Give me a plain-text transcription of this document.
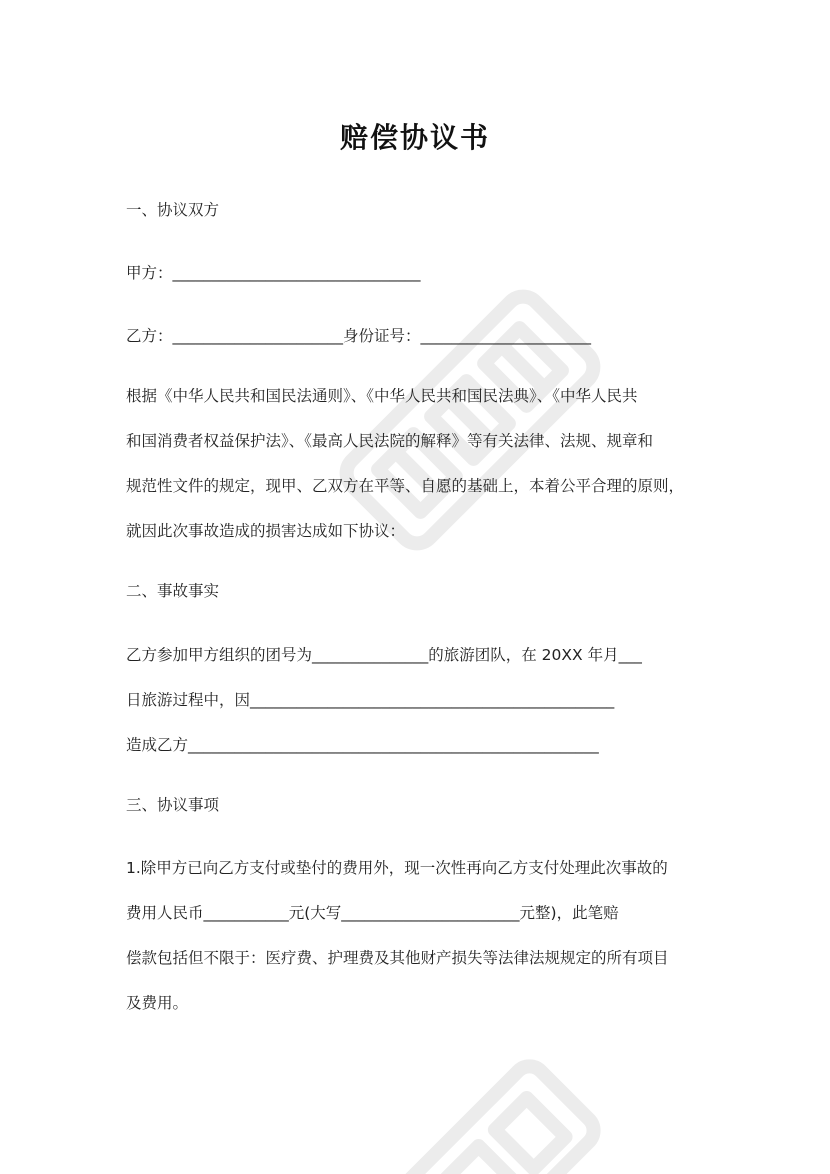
赔偿协议书
一、协议双方
甲方：________________________________
乙方：______________________身份证号：______________________
根据《中华人民共和国民法通则》、《中华人民共和国民法典》、《中华人民共
和国消费者权益保护法》、《最高人民法院的解释》等有关法律、法规、规章和
规范性文件的规定，现甲、乙双方在平等、自愿的基础上，本着公平合理的原则，
就因此次事故造成的损害达成如下协议：
二、事故事实
乙方参加甲方组织的团号为_______________的旅游团队，在 20XX 年月___
日旅游过程中，因_______________________________________________
造成乙方_____________________________________________________
三、协议事项
1.除甲方已向乙方支付或垫付的费用外，现一次性再向乙方支付处理此次事故的
费用人民币___________元(大写_______________________元整)，此笔赔
偿款包括但不限于：医疗费、护理费及其他财产损失等法律法规规定的所有项目
及费用。
